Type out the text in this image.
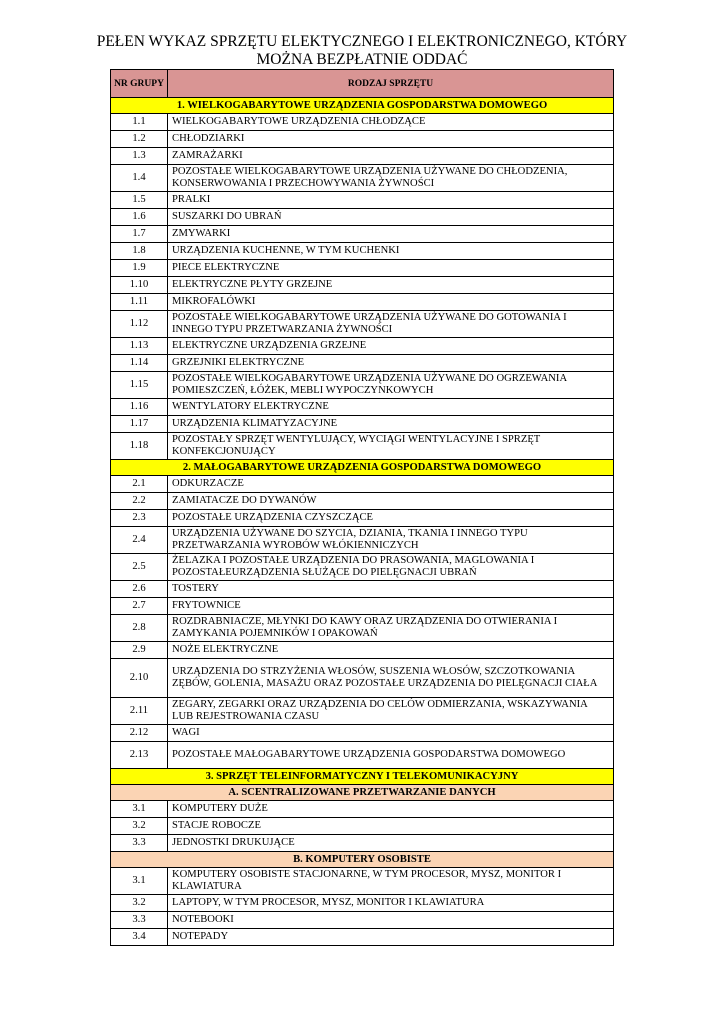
PEŁEN WYKAZ SPRZĘTU ELEKTYCZNEGO I ELEKTRONICZNEGO, KTÓRY
MOŻNA BEZPŁATNIE ODDAĆ
NR GRUPY	RODZAJ SPRZĘTU
1. WIELKOGABARYTOWE URZĄDZENIA GOSPODARSTWA DOMOWEGO	
1.1	WIELKOGABARYTOWE URZĄDZENIA CHŁODZĄCE
1.2	CHŁODZIARKI
1.3	ZAMRAŻARKI
1.4	POZOSTAŁE WIELKOGABARYTOWE URZĄDZENIA UŻYWANE DO CHŁODZENIA, KONSERWOWANIA I PRZECHOWYWANIA ŻYWNOŚCI
1.5	PRALKI
1.6	SUSZARKI DO UBRAŃ
1.7	ZMYWARKI
1.8	URZĄDZENIA KUCHENNE, W TYM KUCHENKI
1.9	PIECE ELEKTRYCZNE
1.10	ELEKTRYCZNE PŁYTY GRZEJNE
1.11	MIKROFALÓWKI
1.12	POZOSTAŁE WIELKOGABARYTOWE URZĄDZENIA UŻYWANE DO GOTOWANIA I INNEGO TYPU PRZETWARZANIA ŻYWNOŚCI
1.13	ELEKTRYCZNE URZĄDZENIA GRZEJNE
1.14	GRZEJNIKI ELEKTRYCZNE
1.15	POZOSTAŁE WIELKOGABARYTOWE URZĄDZENIA UŻYWANE DO OGRZEWANIA POMIESZCZEŃ, ŁÓŻEK, MEBLI WYPOCZYNKOWYCH
1.16	WENTYLATORY ELEKTRYCZNE
1.17	URZĄDZENIA KLIMATYZACYJNE
1.18	POZOSTAŁY SPRZĘT WENTYLUJĄCY, WYCIĄGI WENTYLACYJNE I SPRZĘT KONFEKCJONUJĄCY
2. MAŁOGABARYTOWE URZĄDZENIA GOSPODARSTWA DOMOWEGO	
2.1	ODKURZACZE
2.2	ZAMIATACZE DO DYWANÓW
2.3	POZOSTAŁE URZĄDZENIA CZYSZCZĄCE
2.4	URZĄDZENIA UŻYWANE DO SZYCIA, DZIANIA, TKANIA I INNEGO TYPU PRZETWARZANIA WYROBÓW WŁÓKIENNICZYCH
2.5	ŻELAZKA I POZOSTAŁE URZĄDZENIA DO PRASOWANIA, MAGLOWANIA I POZOSTAŁEURZĄDZENIA SŁUŻĄCE DO PIELĘGNACJI UBRAŃ
2.6	TOSTERY
2.7	FRYTOWNICE
2.8	ROZDRABNIACZE, MŁYNKI DO KAWY ORAZ URZĄDZENIA DO OTWIERANIA I ZAMYKANIA POJEMNIKÓW I OPAKOWAŃ
2.9	NOŻE ELEKTRYCZNE
2.10	URZĄDZENIA DO STRZYŻENIA WŁOSÓW, SUSZENIA WŁOSÓW, SZCZOTKOWANIA ZĘBÓW, GOLENIA, MASAŻU ORAZ POZOSTAŁE URZĄDZENIA DO PIELĘGNACJI CIAŁA
2.11	ZEGARY, ZEGARKI ORAZ URZĄDZENIA DO CELÓW ODMIERZANIA, WSKAZYWANIA LUB REJESTROWANIA CZASU
2.12	WAGI
2.13	POZOSTAŁE MAŁOGABARYTOWE URZĄDZENIA GOSPODARSTWA DOMOWEGO
3. SPRZĘT TELEINFORMATYCZNY I TELEKOMUNIKACYJNY	
A. SCENTRALIZOWANE PRZETWARZANIE DANYCH	
3.1	KOMPUTERY DUŻE
3.2	STACJE ROBOCZE
3.3	JEDNOSTKI DRUKUJĄCE
B. KOMPUTERY OSOBISTE	
3.1	KOMPUTERY OSOBISTE STACJONARNE, W TYM PROCESOR, MYSZ, MONITOR I KLAWIATURA
3.2	LAPTOPY, W TYM PROCESOR, MYSZ, MONITOR I KLAWIATURA
3.3	NOTEBOOKI
3.4	NOTEPADY
